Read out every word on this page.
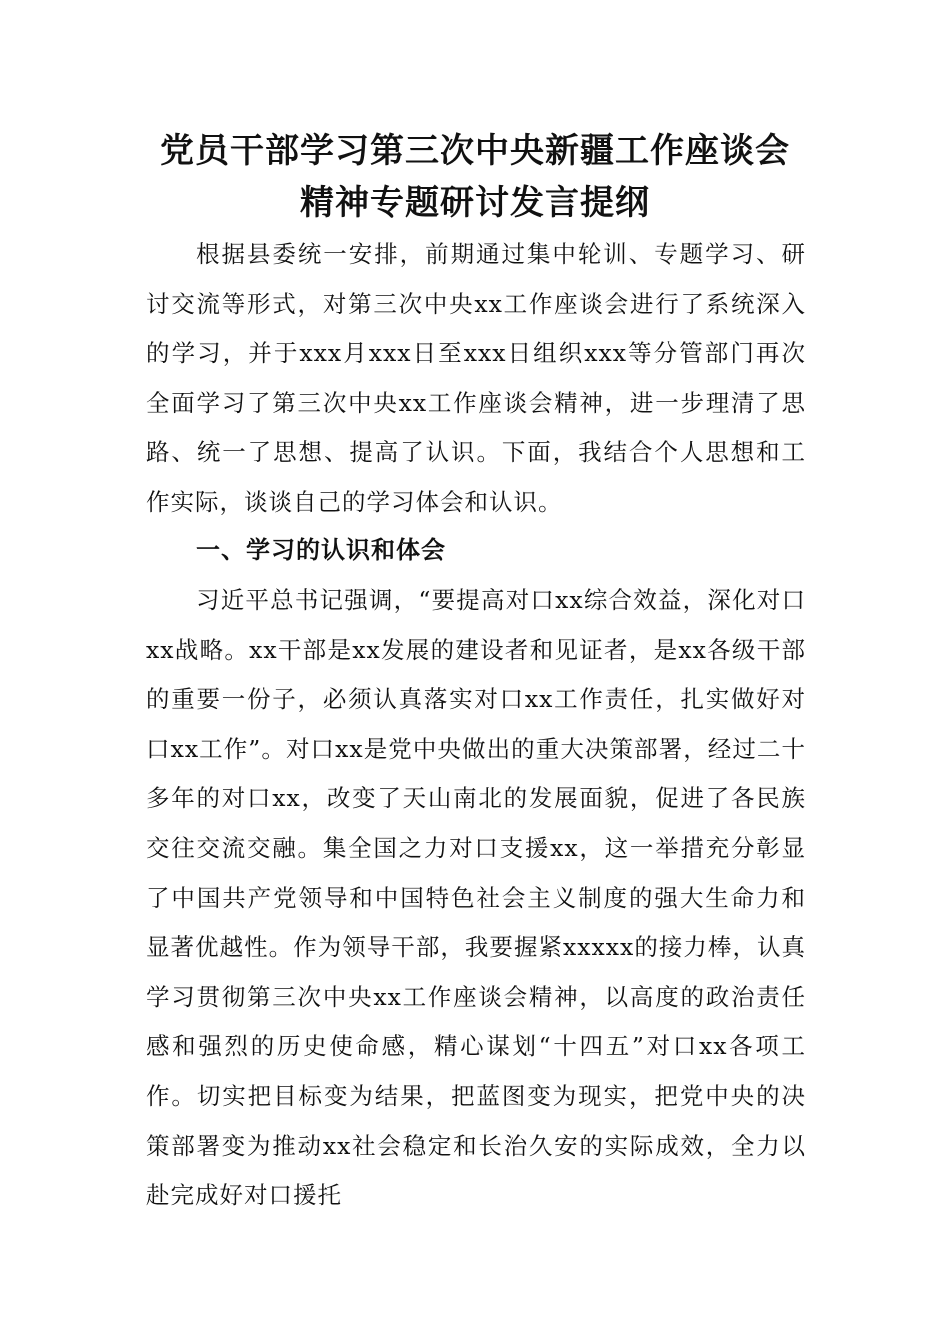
党员干部学习第三次中央新疆工作座谈会
精神专题研讨发言提纲
根据县委统一安排，前期通过集中轮训、专题学习、研讨交流等形式，对第三次中央xx工作座谈会进行了系统深入的学习，并于xxx月xxx日至xxx日组织xxx等分管部门再次全面学习了第三次中央xx工作座谈会精神，进一步理清了思路、统一了思想、提高了认识。下面，我结合个人思想和工作实际，谈谈自己的学习体会和认识。
一、学习的认识和体会
习近平总书记强调，“要提高对口xx综合效益，深化对口xx战略。xx干部是xx发展的建设者和见证者，是xx各级干部的重要一份子，必须认真落实对口xx工作责任，扎实做好对口xx工作”。对口xx是党中央做出的重大决策部署，经过二十多年的对口xx，改变了天山南北的发展面貌，促进了各民族交往交流交融。集全国之力对口支援xx，这一举措充分彰显了中国共产党领导和中国特色社会主义制度的强大生命力和显著优越性。作为领导干部，我要握紧xxxxx的接力棒，认真学习贯彻第三次中央xx工作座谈会精神，以高度的政治责任感和强烈的历史使命感，精心谋划“十四五”对口xx各项工作。切实把目标变为结果，把蓝图变为现实，把党中央的决策部署变为推动xx社会稳定和长治久安的实际成效，全力以赴完成好对口援托
